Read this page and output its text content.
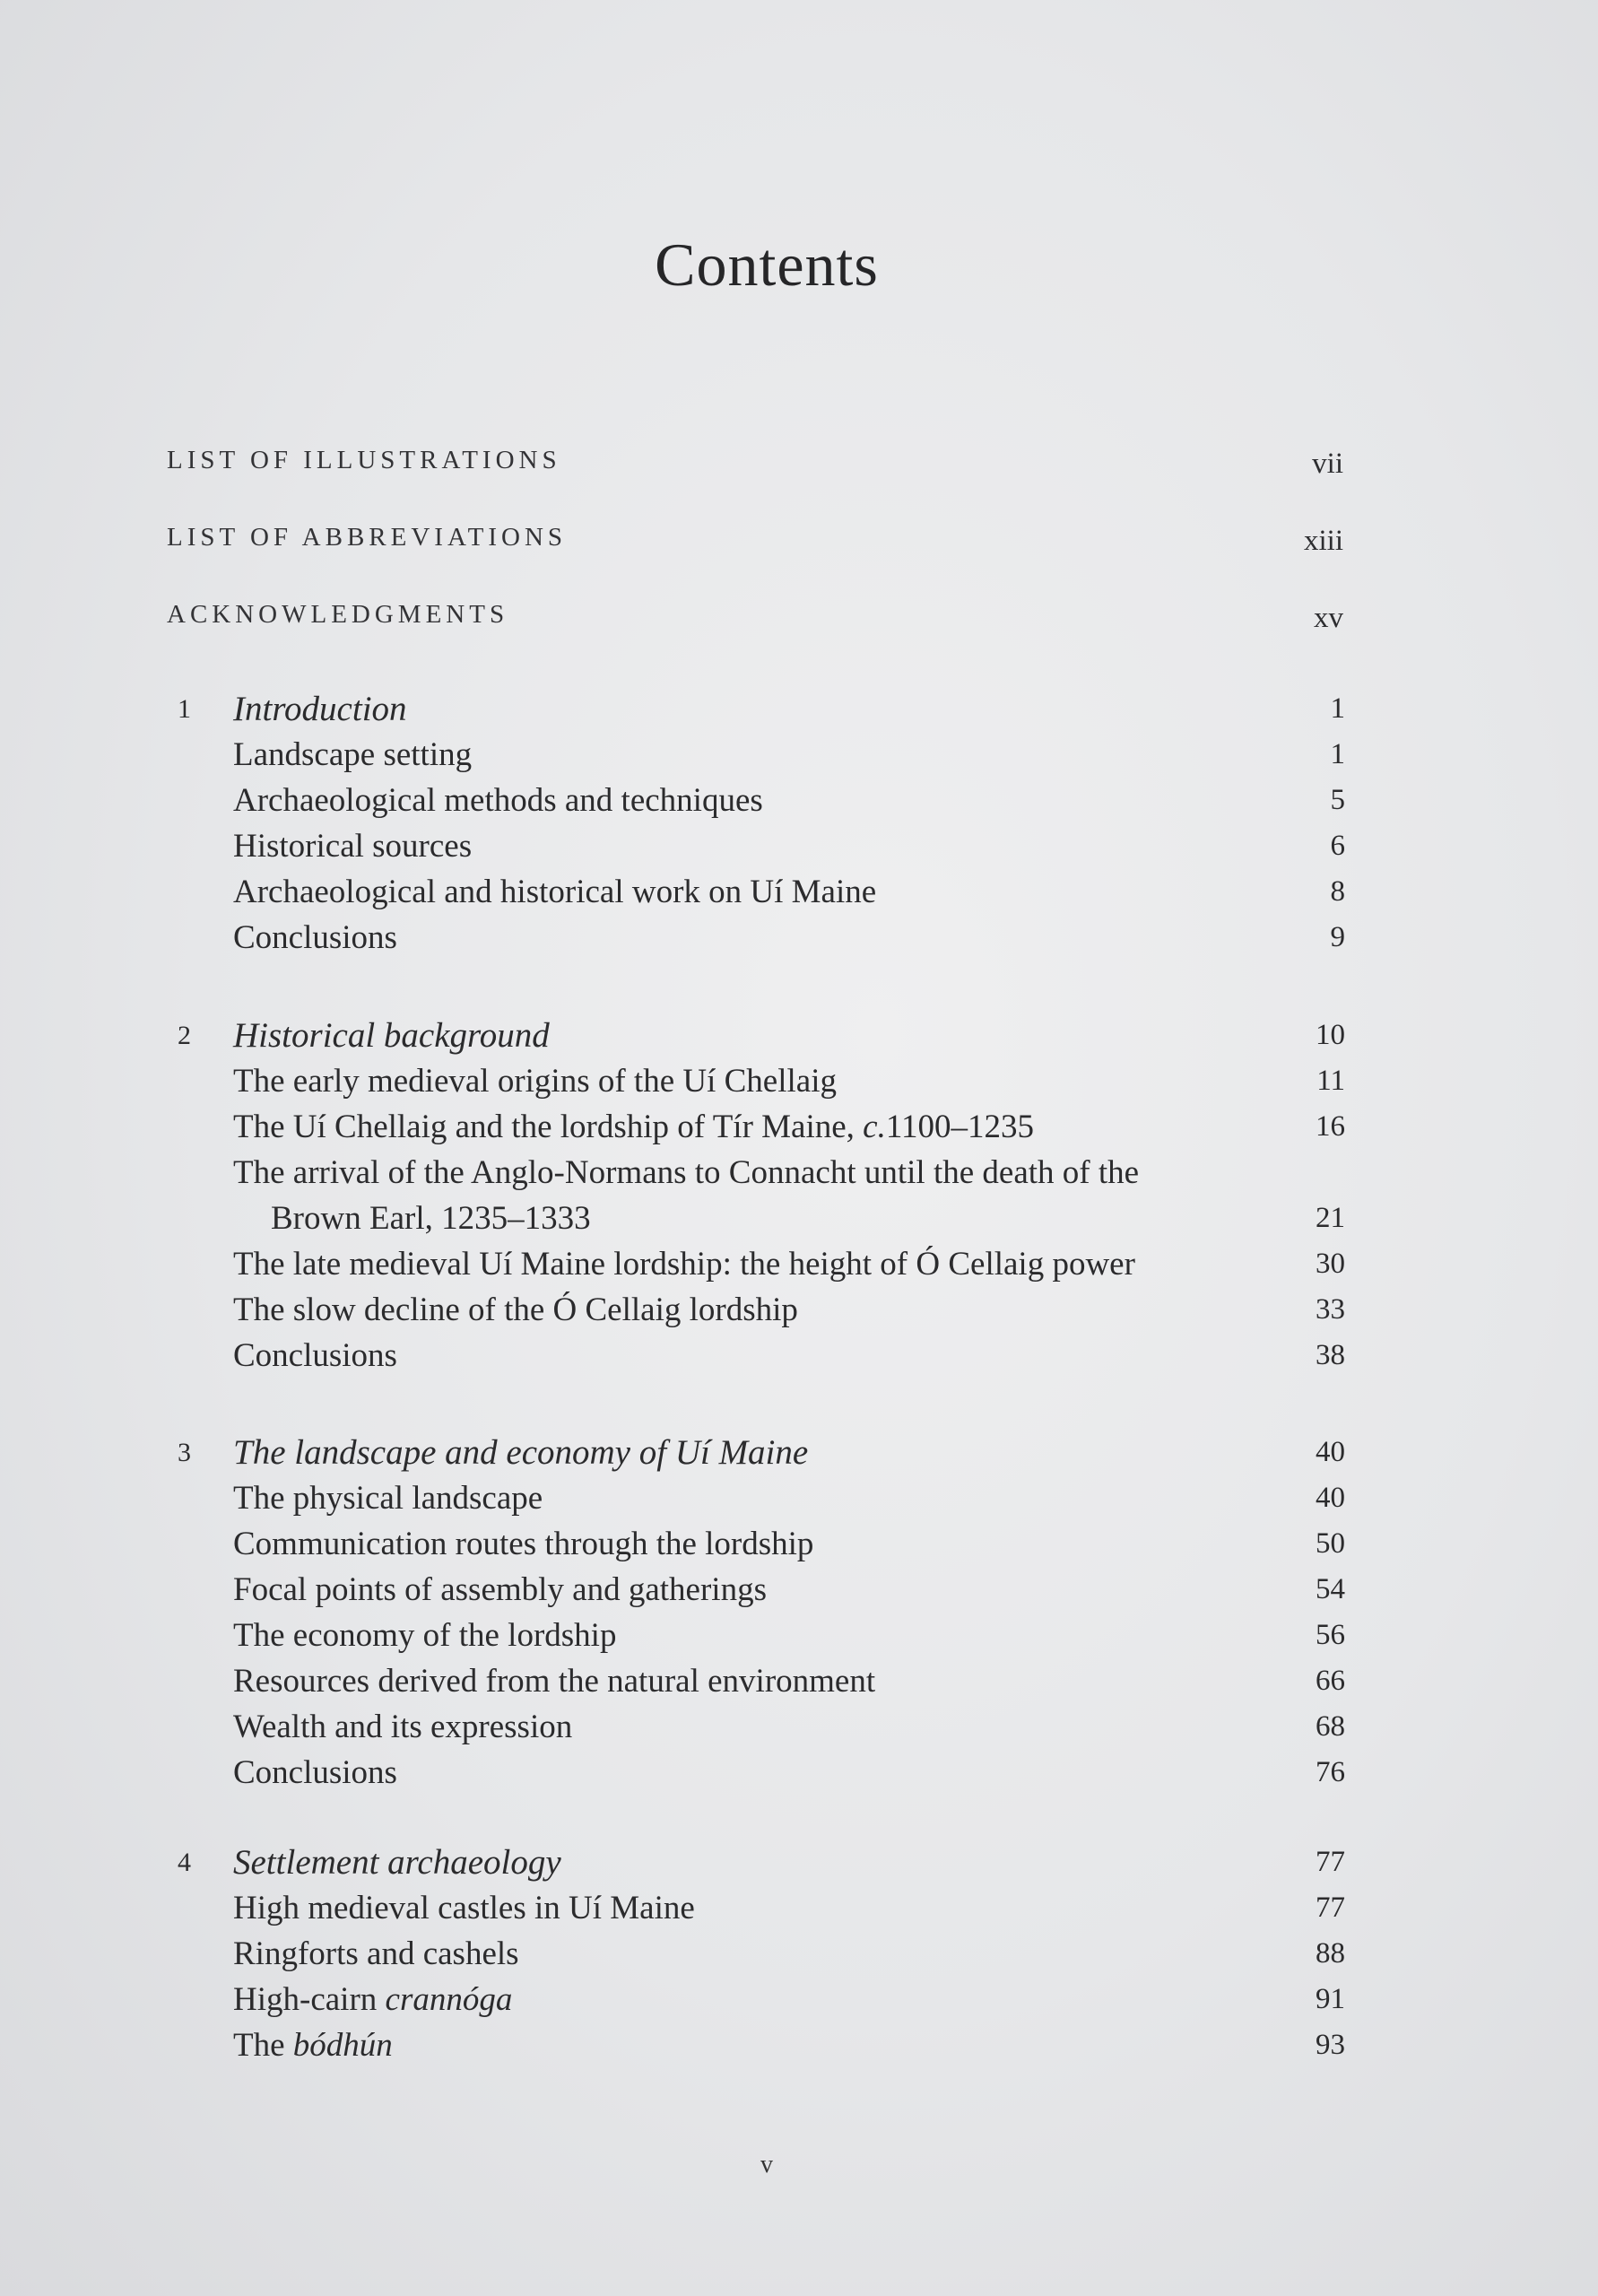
Contents
LIST OF ILLUSTRATIONS	vii
LIST OF ABBREVIATIONS	xiii
ACKNOWLEDGMENTS	xv
1 Introduction	1
Landscape setting	1
Archaeological methods and techniques	5
Historical sources	6
Archaeological and historical work on Uí Maine	8
Conclusions	9
2 Historical background	10
The early medieval origins of the Uí Chellaig	11
The Uí Chellaig and the lordship of Tír Maine, c.1100–1235	16
The arrival of the Anglo-Normans to Connacht until the death of the
Brown Earl, 1235–1333	21
The late medieval Uí Maine lordship: the height of Ó Cellaig power	30
The slow decline of the Ó Cellaig lordship	33
Conclusions	38
3 The landscape and economy of Uí Maine	40
The physical landscape	40
Communication routes through the lordship	50
Focal points of assembly and gatherings	54
The economy of the lordship	56
Resources derived from the natural environment	66
Wealth and its expression	68
Conclusions	76
4 Settlement archaeology	77
High medieval castles in Uí Maine	77
Ringforts and cashels	88
High-cairn crannóga	91
The bódhún	93
v
